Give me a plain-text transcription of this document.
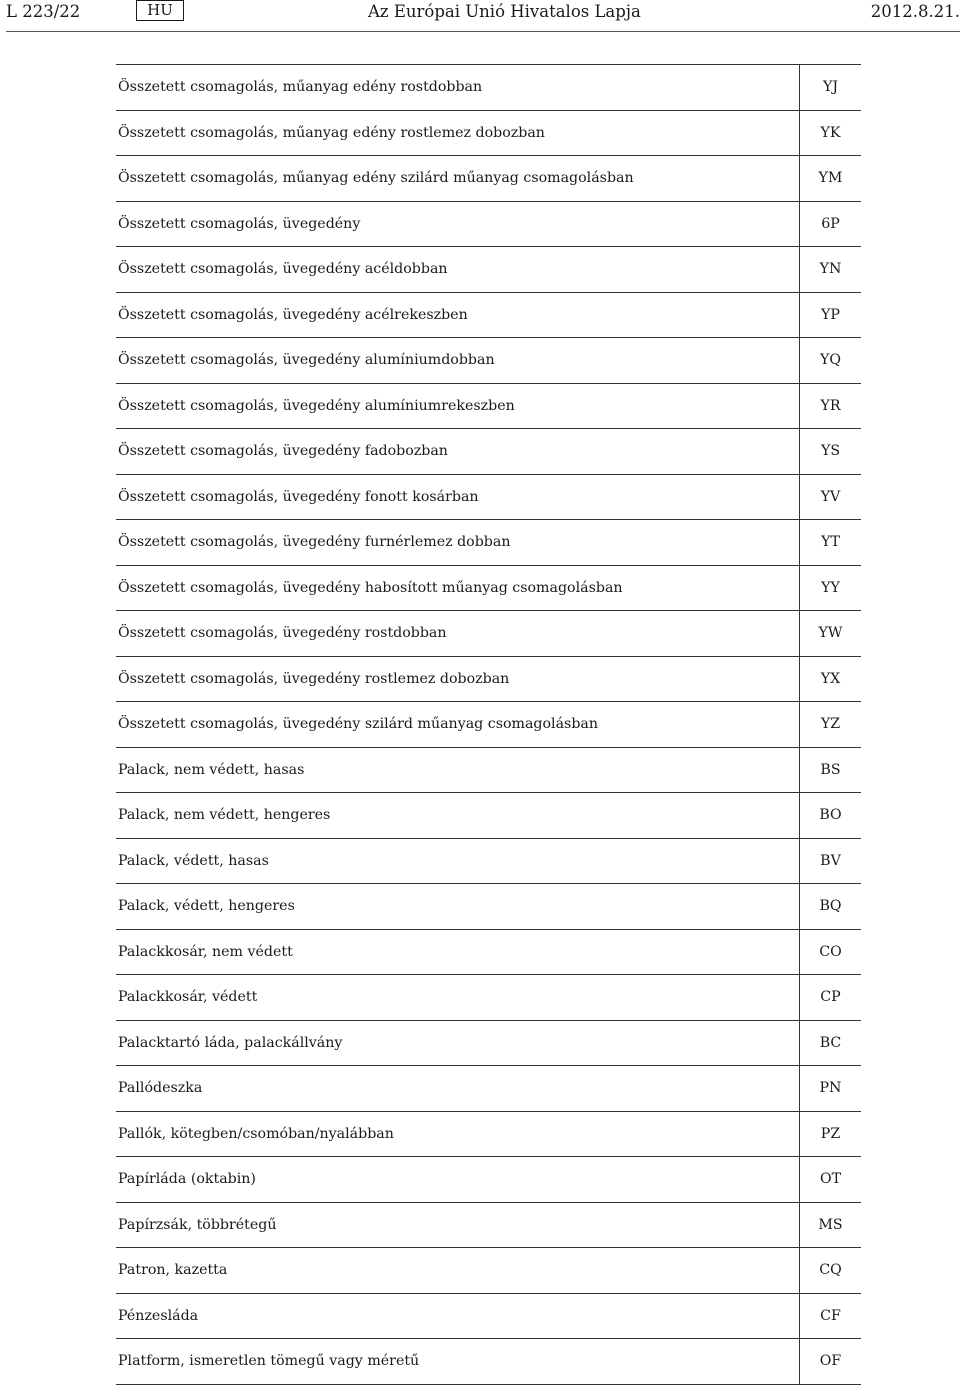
L 223/22	HU	Az Európai Unió Hivatalos Lapja	2012.8.21.
Összetett csomagolás, műanyag edény rostdobban	YJ
Összetett csomagolás, műanyag edény rostlemez dobozban	YK
Összetett csomagolás, műanyag edény szilárd műanyag csomagolásban	YM
Összetett csomagolás, üvegedény	6P
Összetett csomagolás, üvegedény acéldobban	YN
Összetett csomagolás, üvegedény acélrekeszben	YP
Összetett csomagolás, üvegedény alumíniumdobban	YQ
Összetett csomagolás, üvegedény alumíniumrekeszben	YR
Összetett csomagolás, üvegedény fadobozban	YS
Összetett csomagolás, üvegedény fonott kosárban	YV
Összetett csomagolás, üvegedény furnérlemez dobban	YT
Összetett csomagolás, üvegedény habosított műanyag csomagolásban	YY
Összetett csomagolás, üvegedény rostdobban	YW
Összetett csomagolás, üvegedény rostlemez dobozban	YX
Összetett csomagolás, üvegedény szilárd műanyag csomagolásban	YZ
Palack, nem védett, hasas	BS
Palack, nem védett, hengeres	BO
Palack, védett, hasas	BV
Palack, védett, hengeres	BQ
Palackkosár, nem védett	CO
Palackkosár, védett	CP
Palacktartó láda, palackállvány	BC
Pallódeszka	PN
Pallók, kötegben/csomóban/nyalábban	PZ
Papírláda (oktabin)	OT
Papírzsák, többrétegű	MS
Patron, kazetta	CQ
Pénzesláda	CF
Platform, ismeretlen tömegű vagy méretű	OF
